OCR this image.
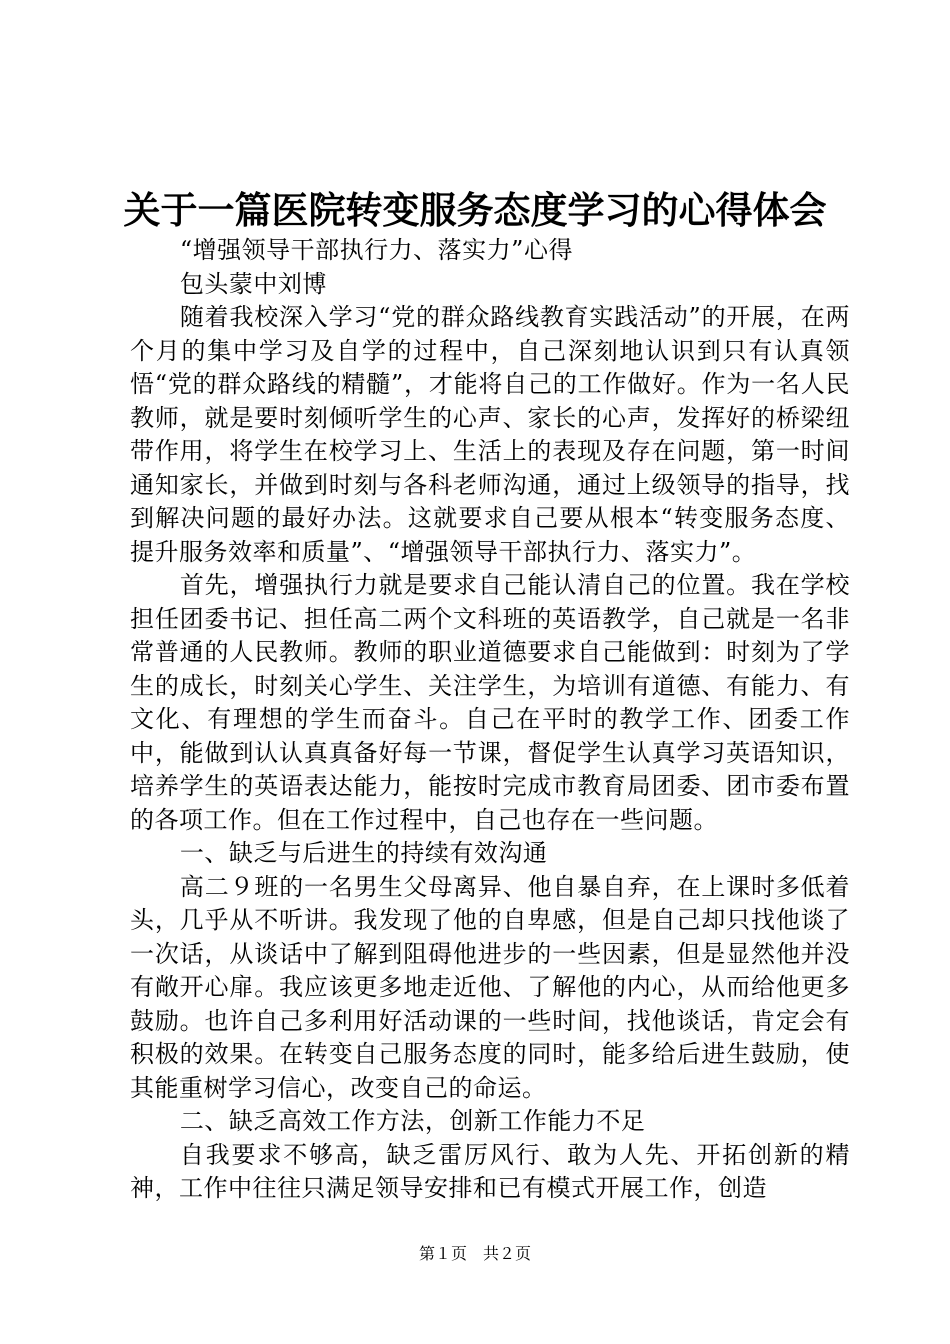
关于一篇医院转变服务态度学习的心得体会

“增强领导干部执行力、落实力”心得

包头蒙中刘博

随着我校深入学习“党的群众路线教育实践活动”的开展，在两个月的集中学习及自学的过程中，自己深刻地认识到只有认真领悟“党的群众路线的精髓”，才能将自己的工作做好。作为一名人民教师，就是要时刻倾听学生的心声、家长的心声，发挥好的桥梁纽带作用，将学生在校学习上、生活上的表现及存在问题，第一时间通知家长，并做到时刻与各科老师沟通，通过上级领导的指导，找到解决问题的最好办法。这就要求自己要从根本“转变服务态度、提升服务效率和质量”、“增强领导干部执行力、落实力”。

首先，增强执行力就是要求自己能认清自己的位置。我在学校担任团委书记、担任高二两个文科班的英语教学，自己就是一名非常普通的人民教师。教师的职业道德要求自己能做到：时刻为了学生的成长，时刻关心学生、关注学生，为培训有道德、有能力、有文化、有理想的学生而奋斗。自己在平时的教学工作、团委工作中，能做到认认真真备好每一节课，督促学生认真学习英语知识，培养学生的英语表达能力，能按时完成市教育局团委、团市委布置的各项工作。但在工作过程中，自己也存在一些问题。

一、缺乏与后进生的持续有效沟通

高二９班的一名男生父母离异、他自暴自弃，在上课时多低着头，几乎从不听讲。我发现了他的自卑感，但是自己却只找他谈了一次话，从谈话中了解到阻碍他进步的一些因素，但是显然他并没有敞开心扉。我应该更多地走近他、了解他的内心，从而给他更多鼓励。也许自己多利用好活动课的一些时间，找他谈话，肯定会有积极的效果。在转变自己服务态度的同时，能多给后进生鼓励，使其能重树学习信心，改变自己的命运。

二、缺乏高效工作方法，创新工作能力不足

自我要求不够高，缺乏雷厉风行、敢为人先、开拓创新的精神，工作中往往只满足领导安排和已有模式开展工作，创造

第１页　共２页
